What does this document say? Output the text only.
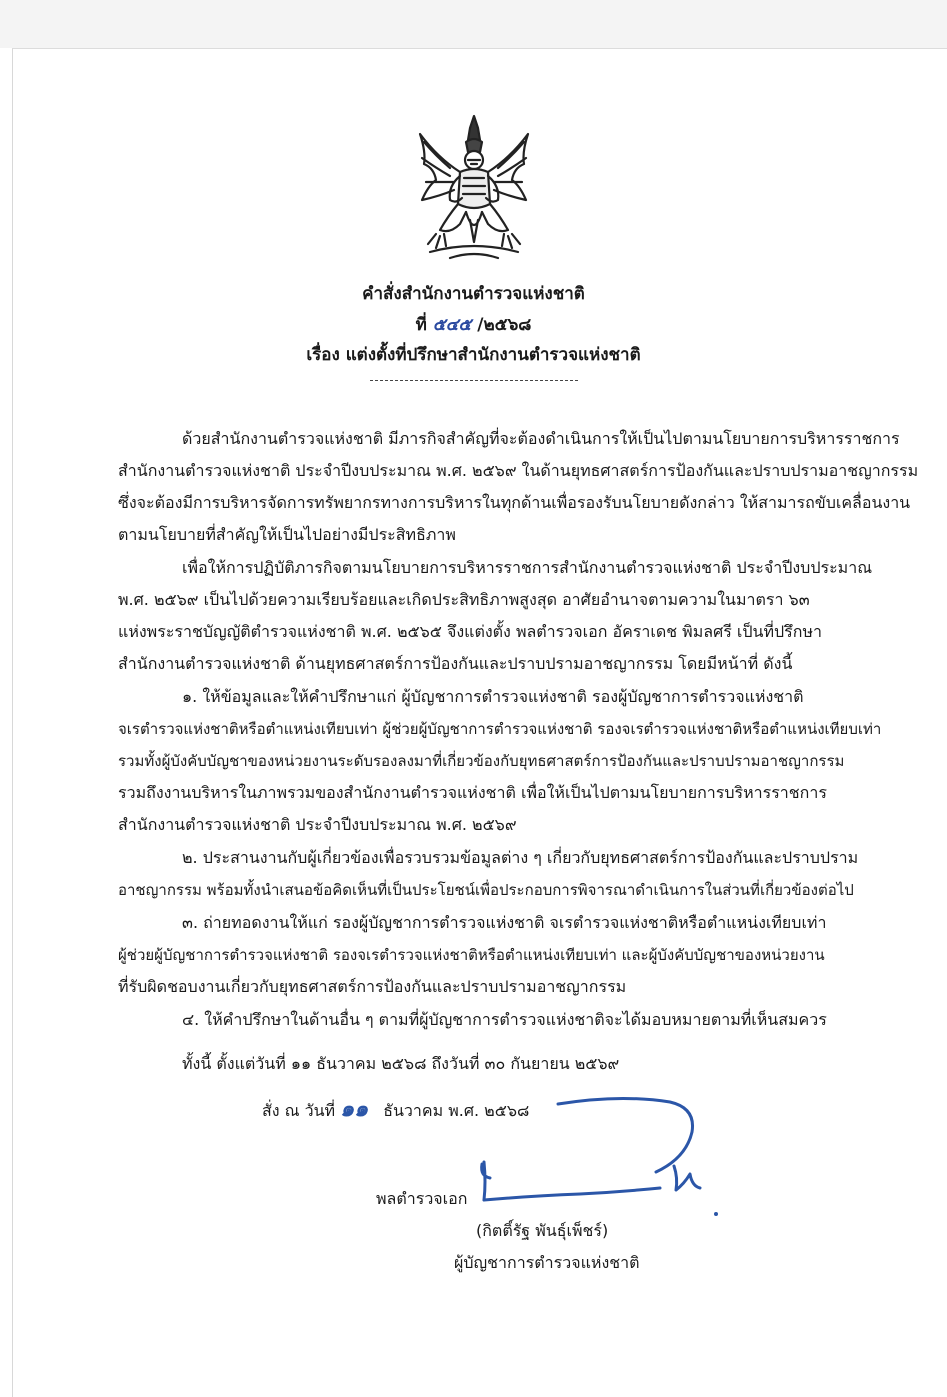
คำสั่งสำนักงานตำรวจแห่งชาติ
ที่ ๕๔๕ /๒๕๖๘
เรื่อง แต่งตั้งที่ปรึกษาสำนักงานตำรวจแห่งชาติ
ด้วยสำนักงานตำรวจแห่งชาติ มีภารกิจสำคัญที่จะต้องดำเนินการให้เป็นไปตามนโยบายการบริหารราชการ
สำนักงานตำรวจแห่งชาติ ประจำปีงบประมาณ พ.ศ. ๒๕๖๙ ในด้านยุทธศาสตร์การป้องกันและปราบปรามอาชญากรรม
ซึ่งจะต้องมีการบริหารจัดการทรัพยากรทางการบริหารในทุกด้านเพื่อรองรับนโยบายดังกล่าว ให้สามารถขับเคลื่อนงาน
ตามนโยบายที่สำคัญให้เป็นไปอย่างมีประสิทธิภาพ
เพื่อให้การปฏิบัติภารกิจตามนโยบายการบริหารราชการสำนักงานตำรวจแห่งชาติ ประจำปีงบประมาณ
พ.ศ. ๒๕๖๙ เป็นไปด้วยความเรียบร้อยและเกิดประสิทธิภาพสูงสุด อาศัยอำนาจตามความในมาตรา ๖๓
แห่งพระราชบัญญัติตำรวจแห่งชาติ พ.ศ. ๒๕๖๕ จึงแต่งตั้ง พลตำรวจเอก อัคราเดช พิมลศรี เป็นที่ปรึกษา
สำนักงานตำรวจแห่งชาติ ด้านยุทธศาสตร์การป้องกันและปราบปรามอาชญากรรม โดยมีหน้าที่ ดังนี้
๑. ให้ข้อมูลและให้คำปรึกษาแก่ ผู้บัญชาการตำรวจแห่งชาติ รองผู้บัญชาการตำรวจแห่งชาติ
จเรตำรวจแห่งชาติหรือตำแหน่งเทียบเท่า ผู้ช่วยผู้บัญชาการตำรวจแห่งชาติ รองจเรตำรวจแห่งชาติหรือตำแหน่งเทียบเท่า
รวมทั้งผู้บังคับบัญชาของหน่วยงานระดับรองลงมาที่เกี่ยวข้องกับยุทธศาสตร์การป้องกันและปราบปรามอาชญากรรม
รวมถึงงานบริหารในภาพรวมของสำนักงานตำรวจแห่งชาติ เพื่อให้เป็นไปตามนโยบายการบริหารราชการ
สำนักงานตำรวจแห่งชาติ ประจำปีงบประมาณ พ.ศ. ๒๕๖๙
๒. ประสานงานกับผู้เกี่ยวข้องเพื่อรวบรวมข้อมูลต่าง ๆ เกี่ยวกับยุทธศาสตร์การป้องกันและปราบปราม
อาชญากรรม พร้อมทั้งนำเสนอข้อคิดเห็นที่เป็นประโยชน์เพื่อประกอบการพิจารณาดำเนินการในส่วนที่เกี่ยวข้องต่อไป
๓. ถ่ายทอดงานให้แก่ รองผู้บัญชาการตำรวจแห่งชาติ จเรตำรวจแห่งชาติหรือตำแหน่งเทียบเท่า
ผู้ช่วยผู้บัญชาการตำรวจแห่งชาติ รองจเรตำรวจแห่งชาติหรือตำแหน่งเทียบเท่า และผู้บังคับบัญชาของหน่วยงาน
ที่รับผิดชอบงานเกี่ยวกับยุทธศาสตร์การป้องกันและปราบปรามอาชญากรรม
๔. ให้คำปรึกษาในด้านอื่น ๆ ตามที่ผู้บัญชาการตำรวจแห่งชาติจะได้มอบหมายตามที่เห็นสมควร
ทั้งนี้ ตั้งแต่วันที่ ๑๑ ธันวาคม ๒๕๖๘ ถึงวันที่ ๓๐ กันยายน ๒๕๖๙
สั่ง ณ วันที่ ๑๑ ธันวาคม พ.ศ. ๒๕๖๘
พลตำรวจเอก
(กิตติ์รัฐ พันธุ์เพ็ชร์)
ผู้บัญชาการตำรวจแห่งชาติ
